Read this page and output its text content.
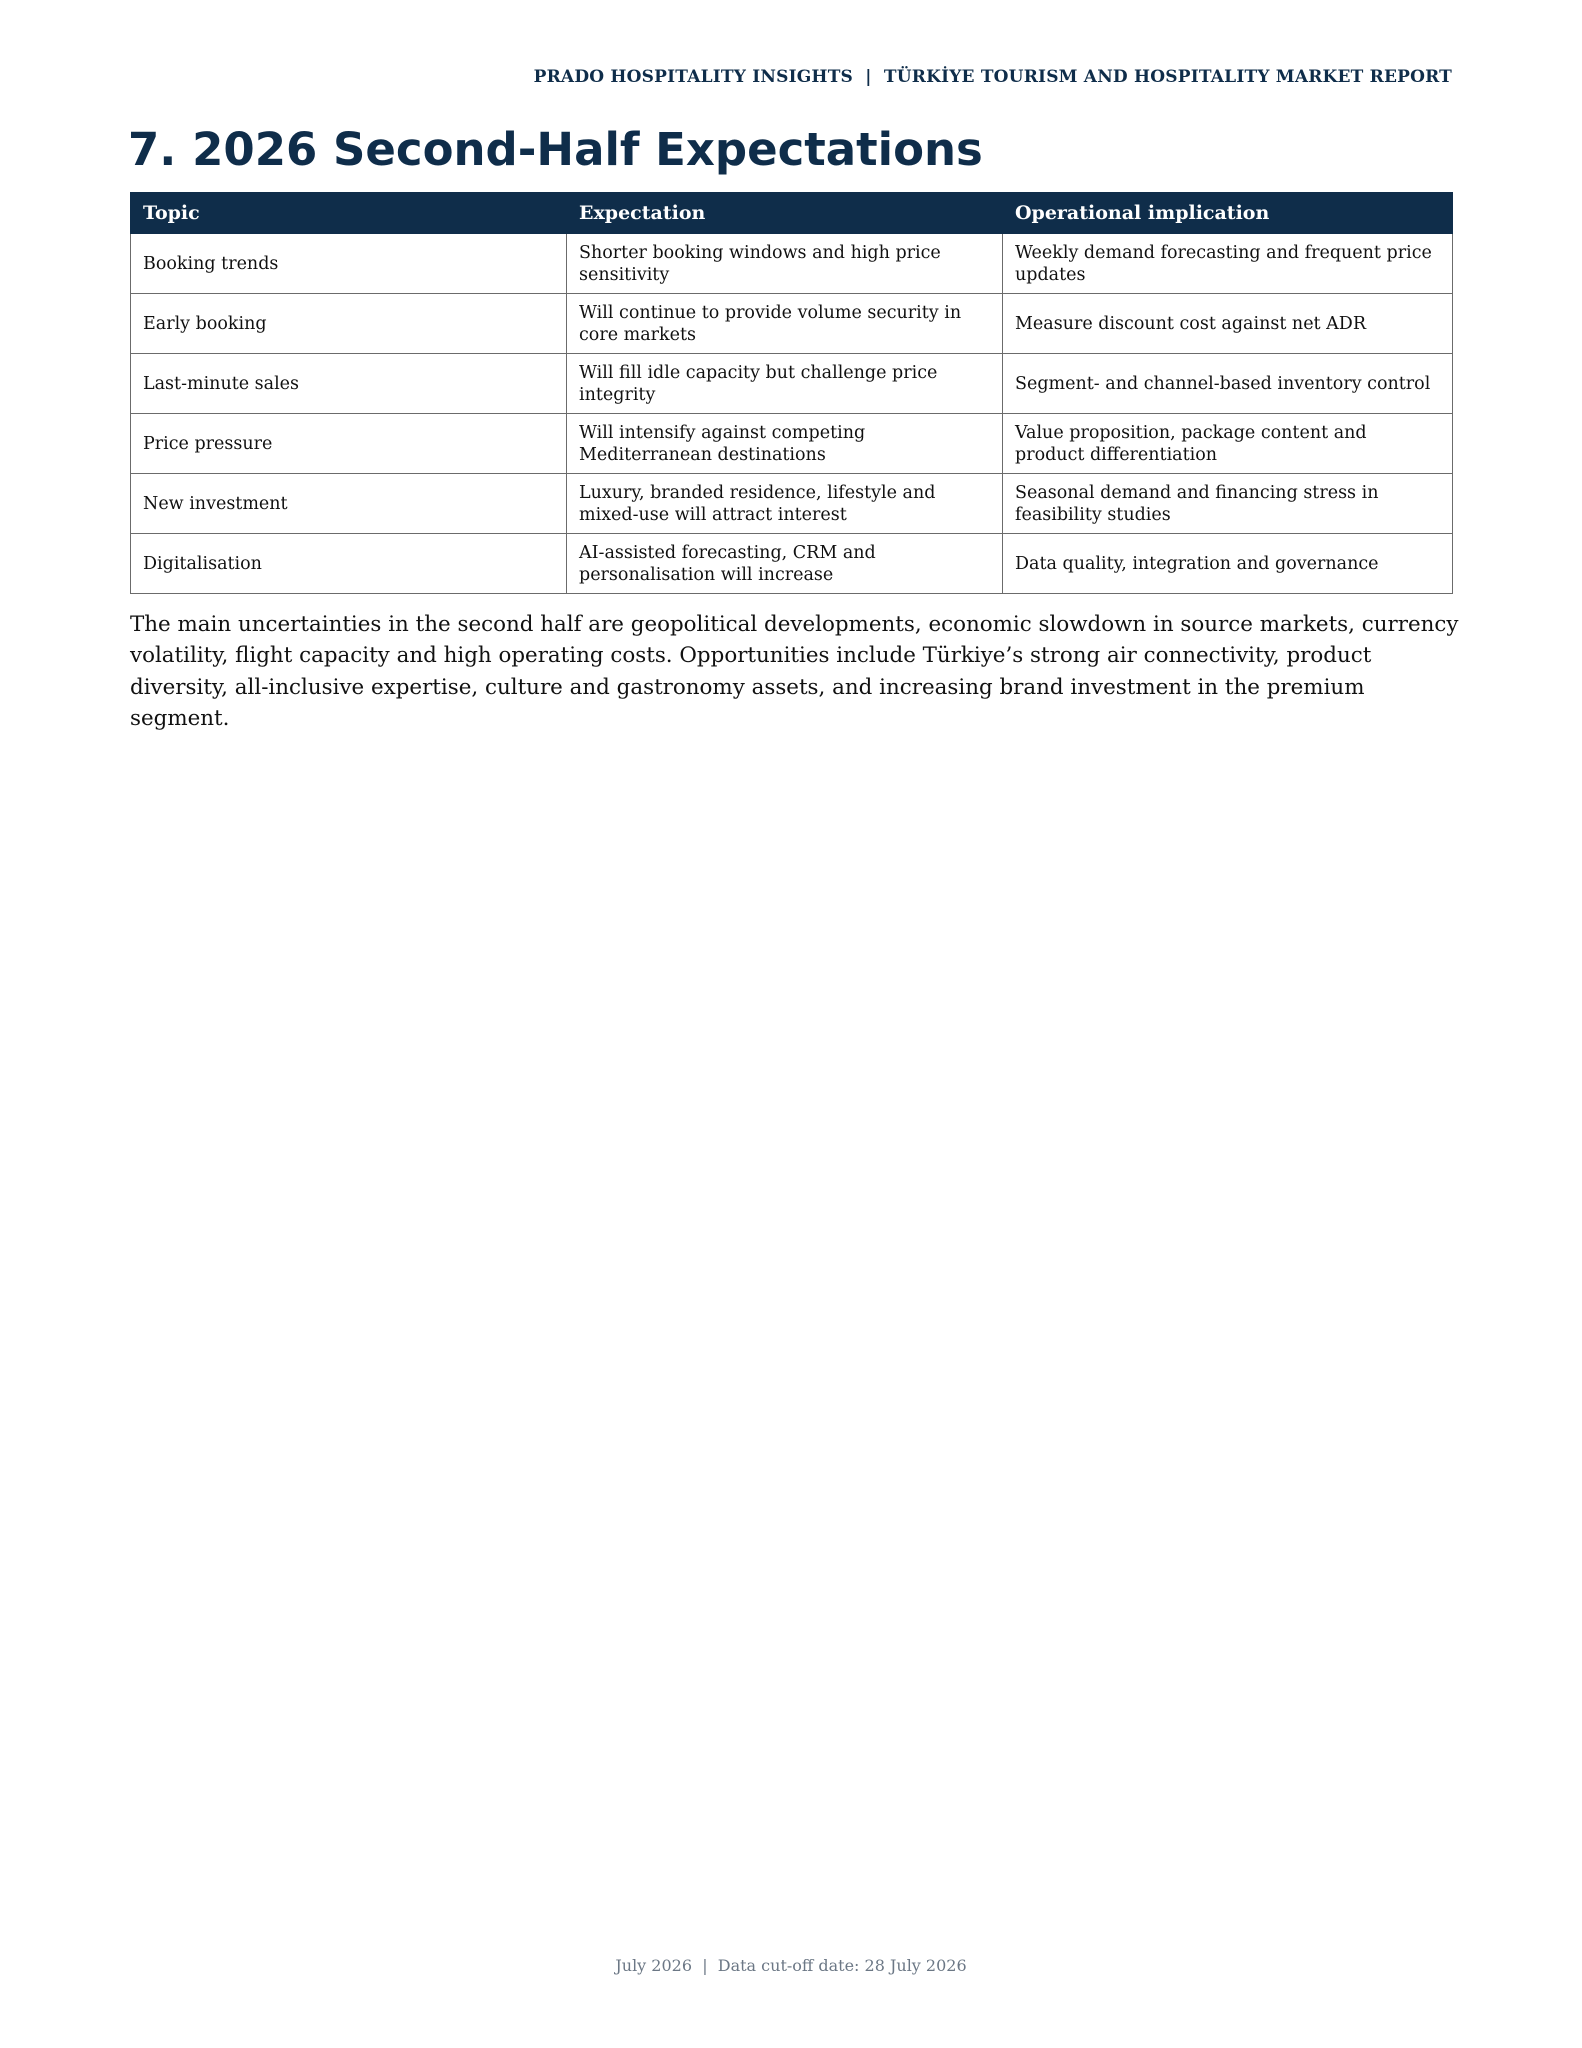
PRADO HOSPITALITY INSIGHTS  |  TÜRKİYE TOURISM AND HOSPITALITY MARKET REPORT
7. 2026 Second-Half Expectations
Topic	Expectation	Operational implication
Booking trends	Shorter booking windows and high price sensitivity	Weekly demand forecasting and frequent price updates
Early booking	Will continue to provide volume security in core markets	Measure discount cost against net ADR
Last-minute sales	Will fill idle capacity but challenge price integrity	Segment- and channel-based inventory control
Price pressure	Will intensify against competing Mediterranean destinations	Value proposition, package content and product differentiation
New investment	Luxury, branded residence, lifestyle and mixed-use will attract interest	Seasonal demand and financing stress in feasibility studies
Digitalisation	AI-assisted forecasting, CRM and personalisation will increase	Data quality, integration and governance

The main uncertainties in the second half are geopolitical developments, economic slowdown in source markets, currency volatility, flight capacity and high operating costs. Opportunities include Türkiye’s strong air connectivity, product diversity, all-inclusive expertise, culture and gastronomy assets, and increasing brand investment in the premium segment.

July 2026  |  Data cut-off date: 28 July 2026
